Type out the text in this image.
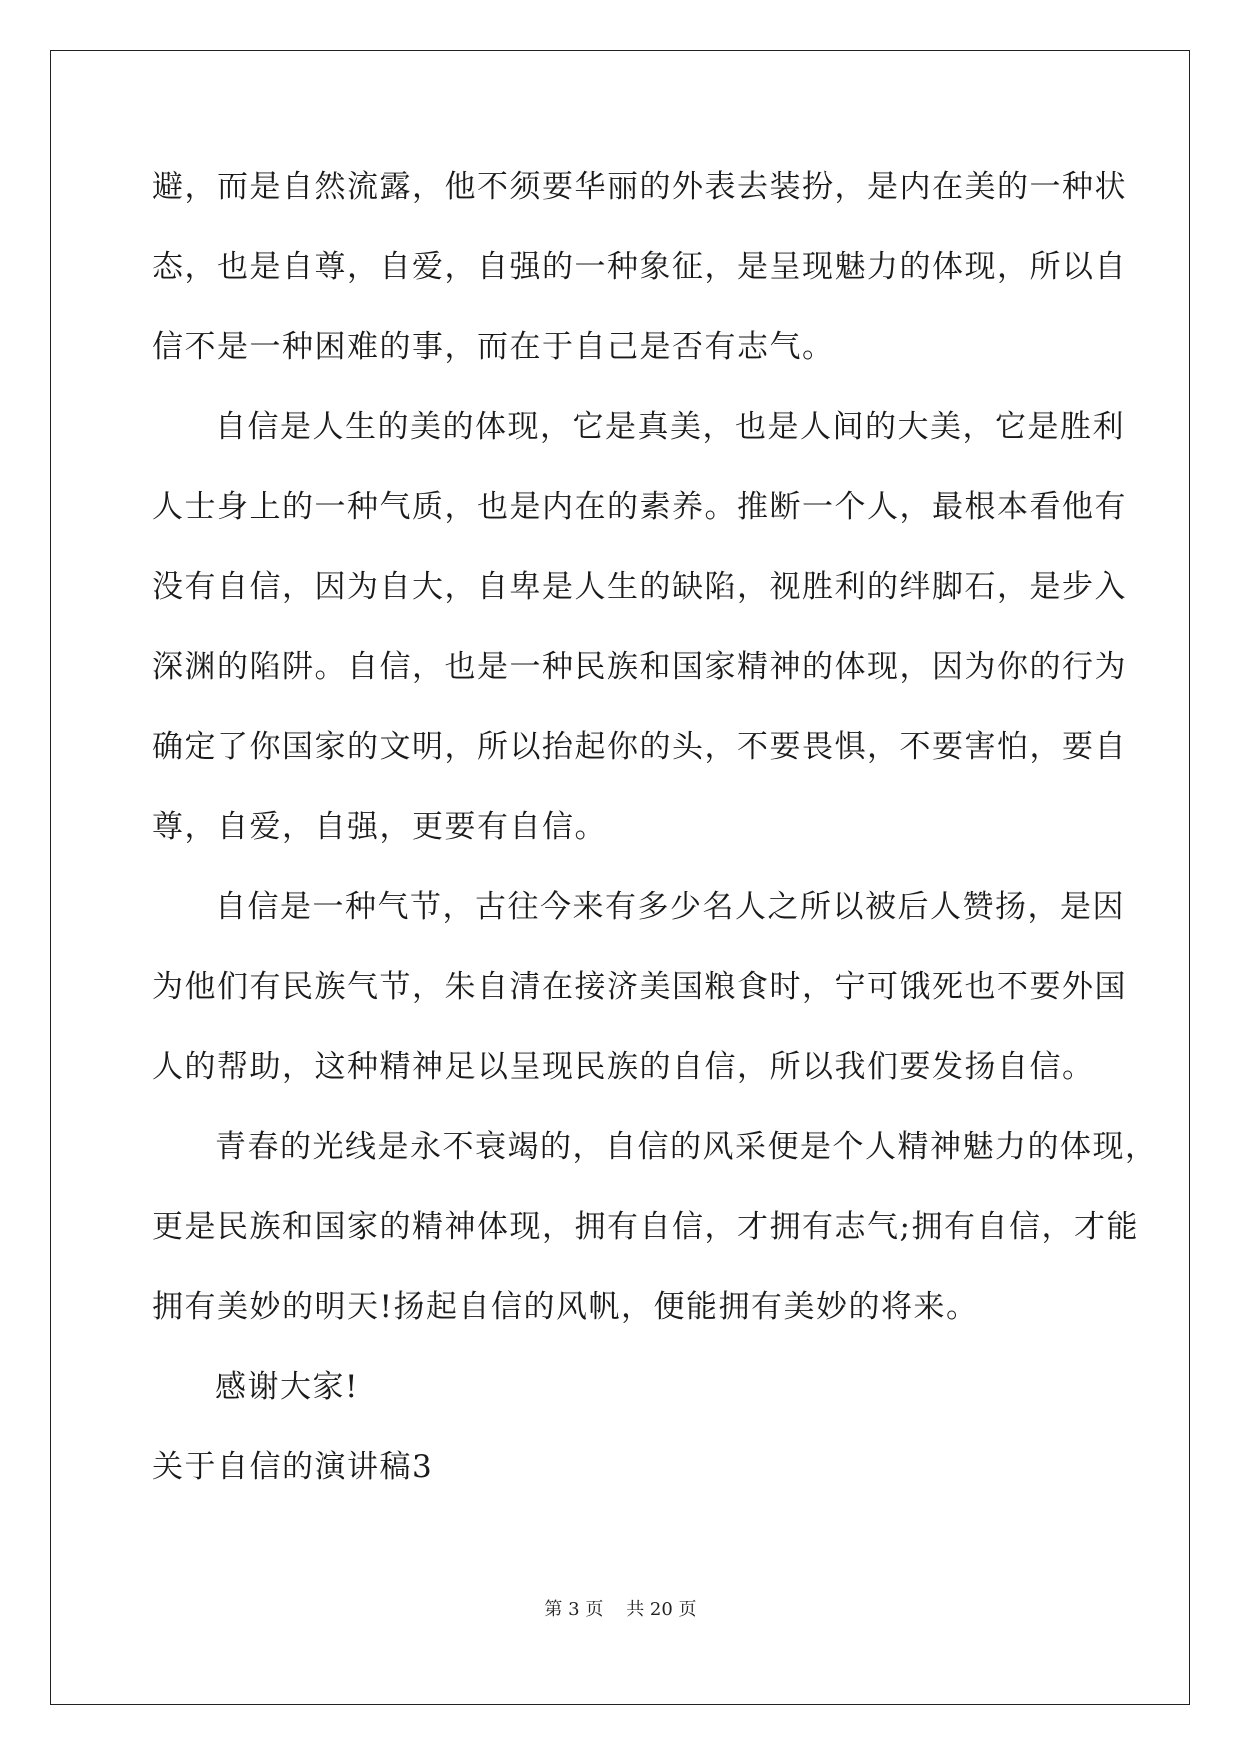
避，而是自然流露，他不须要华丽的外表去装扮，是内在美的一种状
态，也是自尊，自爱，自强的一种象征，是呈现魅力的体现，所以自
信不是一种困难的事，而在于自己是否有志气。
自信是人生的美的体现，它是真美，也是人间的大美，它是胜利
人士身上的一种气质，也是内在的素养。推断一个人，最根本看他有
没有自信，因为自大，自卑是人生的缺陷，视胜利的绊脚石，是步入
深渊的陷阱。自信，也是一种民族和国家精神的体现，因为你的行为
确定了你国家的文明，所以抬起你的头，不要畏惧，不要害怕，要自
尊，自爱，自强，更要有自信。
自信是一种气节，古往今来有多少名人之所以被后人赞扬，是因
为他们有民族气节，朱自清在接济美国粮食时，宁可饿死也不要外国
人的帮助，这种精神足以呈现民族的自信，所以我们要发扬自信。
青春的光线是永不衰竭的，自信的风采便是个人精神魅力的体现，
更是民族和国家的精神体现，拥有自信，才拥有志气;拥有自信，才能
拥有美妙的明天!扬起自信的风帆，便能拥有美妙的将来。
感谢大家!
关于自信的演讲稿3
第 3 页    共 20 页
